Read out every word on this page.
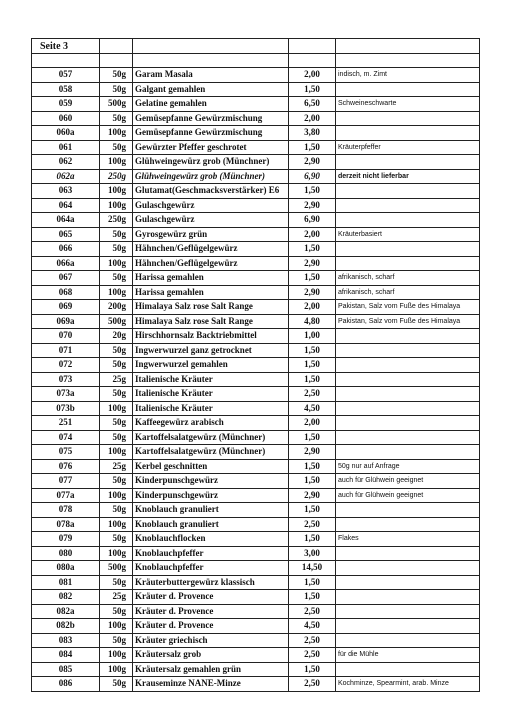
Seite 3				

057	50g	Garam Masala	2,00	indisch, m. Zimt
058	50g	Galgant gemahlen	1,50	
059	500g	Gelatine gemahlen	6,50	Schweineschwarte
060	50g	Gemüsepfanne Gewürzmischung	2,00	
060a	100g	Gemüsepfanne Gewürzmischung	3,80	
061	50g	Gewürzter Pfeffer geschrotet	1,50	Kräuterpfeffer
062	100g	Glühweingewürz grob (Münchner)	2,90	
062a	250g	Glühweingewürz grob (Münchner)	6,90	derzeit nicht lieferbar
063	100g	Glutamat(Geschmacksverstärker) E6	1,50	
064	100g	Gulaschgewürz	2,90	
064a	250g	Gulaschgewürz	6,90	
065	50g	Gyrosgewürz grün	2,00	Kräuterbasiert
066	50g	Hähnchen/Geflügelgewürz	1,50	
066a	100g	Hähnchen/Geflügelgewürz	2,90	
067	50g	Harissa gemahlen	1,50	afrikanisch, scharf
068	100g	Harissa gemahlen	2,90	afrikanisch, scharf
069	200g	Himalaya Salz rose Salt Range	2,00	Pakistan, Salz vom Fuße des Himalaya
069a	500g	Himalaya Salz rose Salt Range	4,80	Pakistan, Salz vom Fuße des Himalaya
070	20g	Hirschhornsalz Backtriebmittel	1,00	
071	50g	Ingwerwurzel ganz getrocknet	1,50	
072	50g	Ingwerwurzel gemahlen	1,50	
073	25g	Italienische Kräuter	1,50	
073a	50g	Italienische Kräuter	2,50	
073b	100g	Italienische Kräuter	4,50	
251	50g	Kaffeegewürz arabisch	2,00	
074	50g	Kartoffelsalatgewürz (Münchner)	1,50	
075	100g	Kartoffelsalatgewürz (Münchner)	2,90	
076	25g	Kerbel geschnitten	1,50	50g nur auf Anfrage
077	50g	Kinderpunschgewürz	1,50	auch für Glühwein geeignet
077a	100g	Kinderpunschgewürz	2,90	auch für Glühwein geeignet
078	50g	Knoblauch granuliert	1,50	
078a	100g	Knoblauch granuliert	2,50	
079	50g	Knoblauchflocken	1,50	Flakes
080	100g	Knoblauchpfeffer	3,00	
080a	500g	Knoblauchpfeffer	14,50	
081	50g	Kräuterbuttergewürz klassisch	1,50	
082	25g	Kräuter d. Provence	1,50	
082a	50g	Kräuter d. Provence	2,50	
082b	100g	Kräuter d. Provence	4,50	
083	50g	Kräuter griechisch	2,50	
084	100g	Kräutersalz grob	2,50	für die Mühle
085	100g	Kräutersalz gemahlen grün	1,50	
086	50g	Krauseminze NANE-Minze	2,50	Kochminze, Spearmint, arab. Minze
